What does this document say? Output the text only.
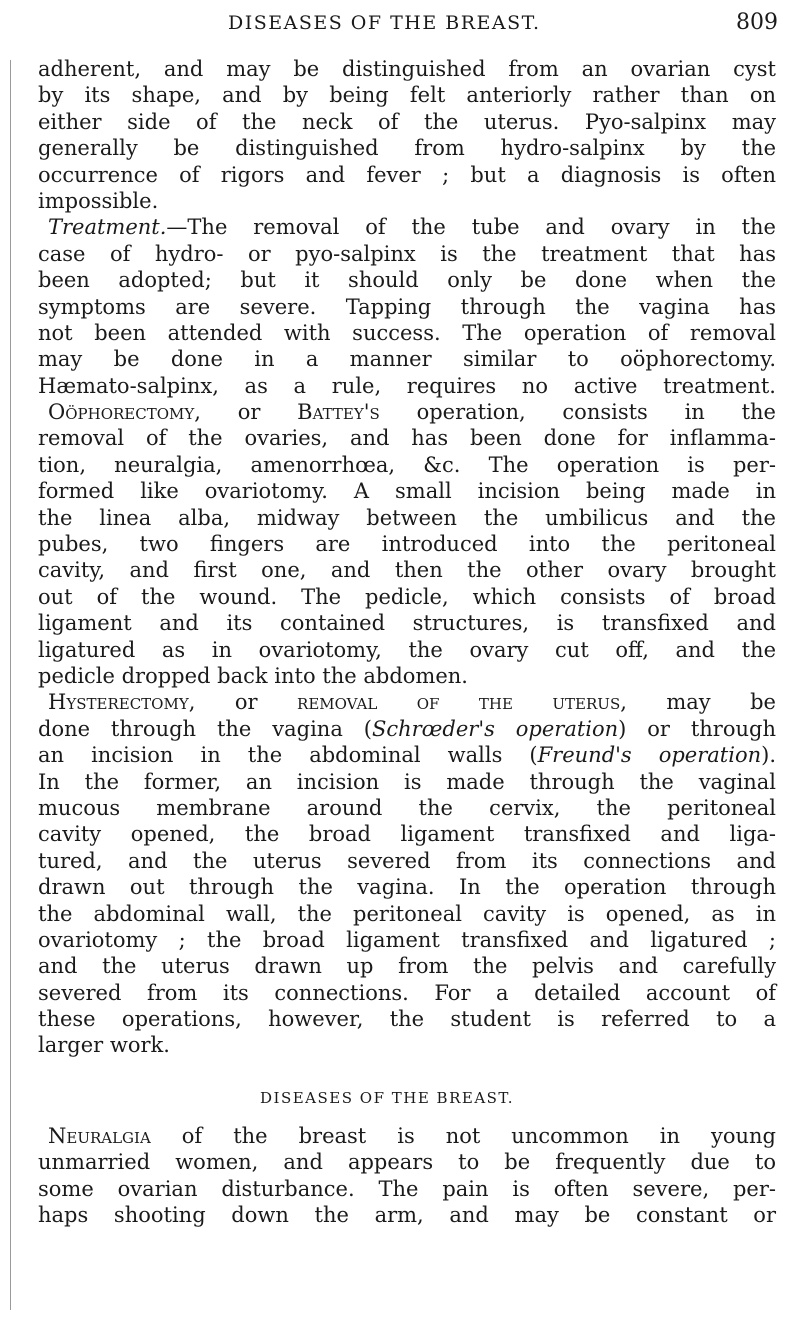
DISEASES OF THE BREAST.	809
adherent, and may be distinguished from an ovarian cyst
by its shape, and by being felt anteriorly rather than on
either side of the neck of the uterus. Pyo-salpinx may
generally be distinguished from hydro-salpinx by the
occurrence of rigors and fever ; but a diagnosis is often
impossible.
Treatment.—The removal of the tube and ovary in the
case of hydro- or pyo-salpinx is the treatment that has
been adopted; but it should only be done when the
symptoms are severe. Tapping through the vagina has
not been attended with success. The operation of removal
may be done in a manner similar to oöphorectomy.
Hæmato-salpinx, as a rule, requires no active treatment.
Oöphorectomy, or Battey's operation, consists in the
removal of the ovaries, and has been done for inflamma-
tion, neuralgia, amenorrhœa, &c. The operation is per-
formed like ovariotomy. A small incision being made in
the linea alba, midway between the umbilicus and the
pubes, two fingers are introduced into the peritoneal
cavity, and first one, and then the other ovary brought
out of the wound. The pedicle, which consists of broad
ligament and its contained structures, is transfixed and
ligatured as in ovariotomy, the ovary cut off, and the
pedicle dropped back into the abdomen.
Hysterectomy, or removal of the uterus, may be
done through the vagina (Schrœder's operation) or through
an incision in the abdominal walls (Freund's operation).
In the former, an incision is made through the vaginal
mucous membrane around the cervix, the peritoneal
cavity opened, the broad ligament transfixed and liga-
tured, and the uterus severed from its connections and
drawn out through the vagina. In the operation through
the abdominal wall, the peritoneal cavity is opened, as in
ovariotomy ; the broad ligament transfixed and ligatured ;
and the uterus drawn up from the pelvis and carefully
severed from its connections. For a detailed account of
these operations, however, the student is referred to a
larger work.
DISEASES OF THE BREAST.
Neuralgia of the breast is not uncommon in young
unmarried women, and appears to be frequently due to
some ovarian disturbance. The pain is often severe, per-
haps shooting down the arm, and may be constant or
